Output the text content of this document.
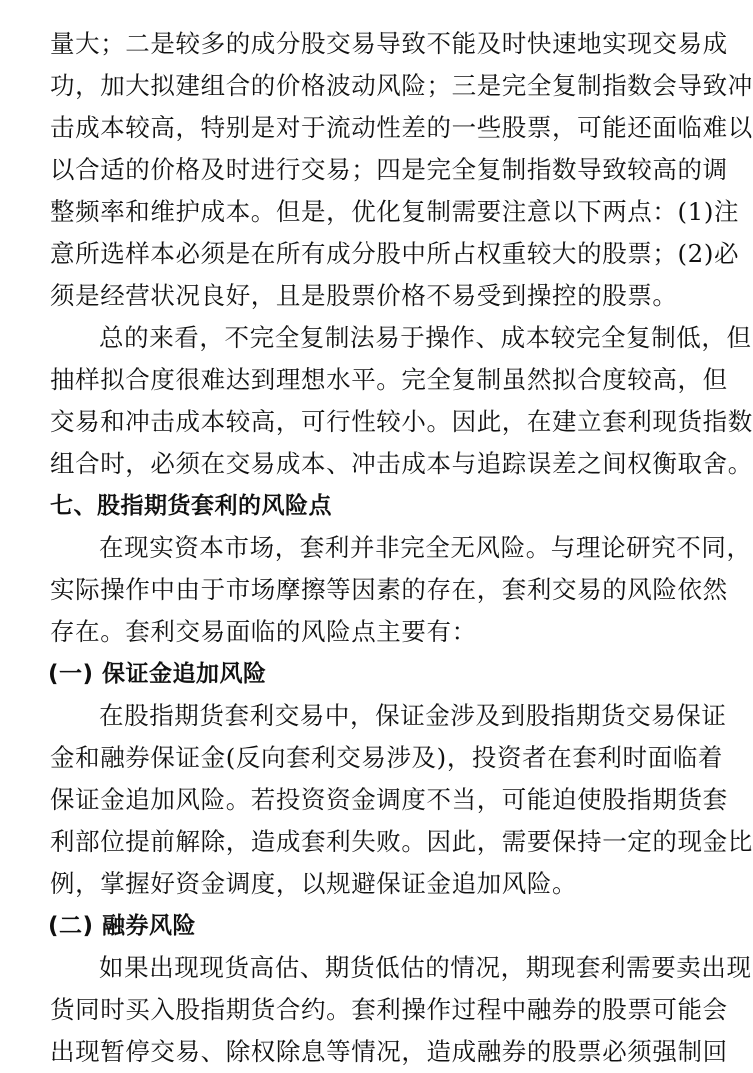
量大；二是较多的成分股交易导致不能及时快速地实现交易成
功，加大拟建组合的价格波动风险；三是完全复制指数会导致冲
击成本较高，特别是对于流动性差的一些股票，可能还面临难以
以合适的价格及时进行交易；四是完全复制指数导致较高的调
整频率和维护成本。但是，优化复制需要注意以下两点：(1)注
意所选样本必须是在所有成分股中所占权重较大的股票；(2)必
须是经营状况良好，且是股票价格不易受到操控的股票。
总的来看，不完全复制法易于操作、成本较完全复制低，但
抽样拟合度很难达到理想水平。完全复制虽然拟合度较高，但
交易和冲击成本较高，可行性较小。因此，在建立套利现货指数
组合时，必须在交易成本、冲击成本与追踪误差之间权衡取舍。
七、股指期货套利的风险点
在现实资本市场，套利并非完全无风险。与理论研究不同，
实际操作中由于市场摩擦等因素的存在，套利交易的风险依然
存在。套利交易面临的风险点主要有：
(一) 保证金追加风险
在股指期货套利交易中，保证金涉及到股指期货交易保证
金和融券保证金(反向套利交易涉及)，投资者在套利时面临着
保证金追加风险。若投资资金调度不当，可能迫使股指期货套
利部位提前解除，造成套利失败。因此，需要保持一定的现金比
例，掌握好资金调度，以规避保证金追加风险。
(二) 融券风险
如果出现现货高估、期货低估的情况，期现套利需要卖出现
货同时买入股指期货合约。套利操作过程中融券的股票可能会
出现暂停交易、除权除息等情况，造成融券的股票必须强制回
